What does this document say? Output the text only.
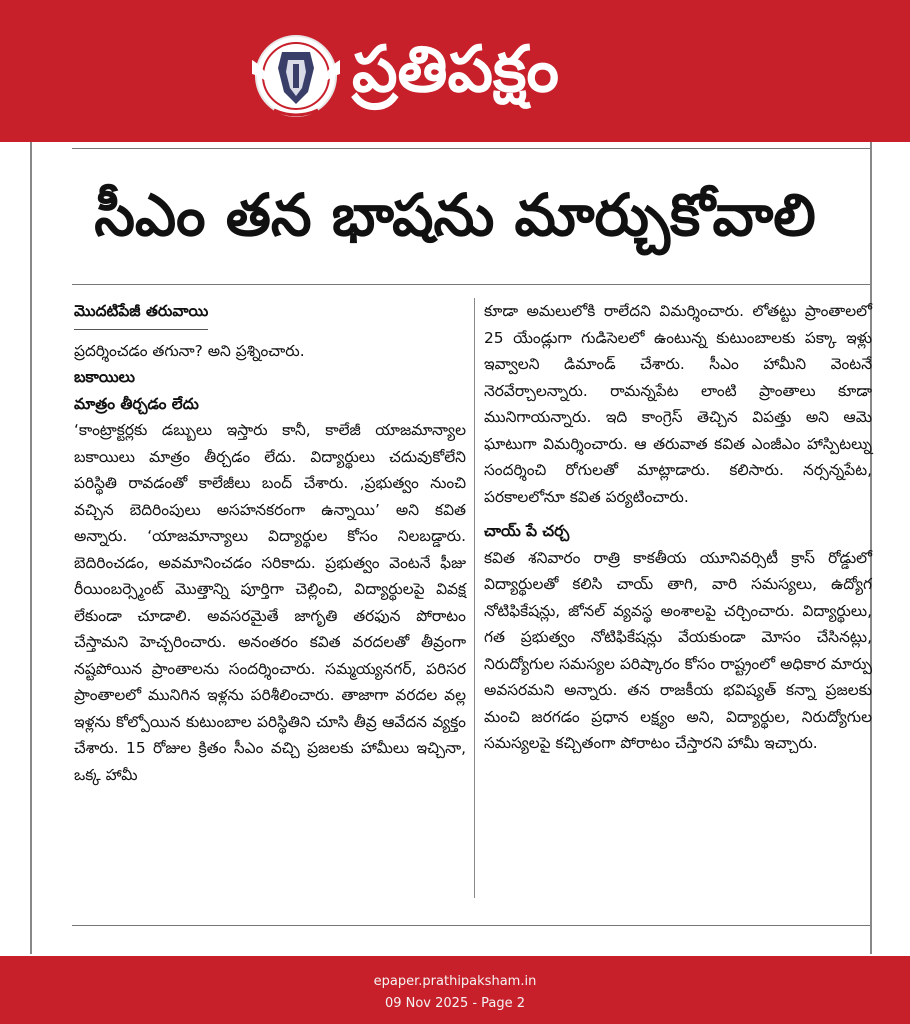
ప్రతిపక్షం
సీఎం తన భాషను మార్చుకోవాలి
మొదటిపేజీ తరువాయి

ప్రదర్శించడం తగునా? అని ప్రశ్నించారు.

బకాయిలు

మాత్రం తీర్చడం లేదు

‘కాంట్రాక్టర్లకు డబ్బులు ఇస్తారు కానీ, కాలేజీ యాజమాన్యాల బకాయిలు మాత్రం తీర్చడం లేదు. విద్యార్థులు చదువుకోలేని పరిస్థితి రావడంతో కాలేజీలు బంద్ చేశారు. ,ప్రభుత్వం నుంచి వచ్చిన బెదిరింపులు అసహనకరంగా ఉన్నాయి’ అని కవిత అన్నారు. ‘యాజమాన్యాలు విద్యార్థుల కోసం నిలబడ్డారు. బెదిరించడం, అవమానించడం సరికాదు. ప్రభుత్వం వెంటనే ఫీజు రీయింబర్స్మెంట్ మొత్తాన్ని పూర్తిగా చెల్లించి, విద్యార్థులపై వివక్ష లేకుండా చూడాలి. అవసరమైతే జాగృతి తరఫున పోరాటం చేస్తామని హెచ్చరించారు. అనంతరం కవిత వరదలతో తీవ్రంగా నష్టపోయిన ప్రాంతాలను సందర్శించారు. సమ్మయ్యనగర్, పరిసర ప్రాంతాలలో మునిగిన ఇళ్లను పరిశీలించారు. తాజాగా వరదల వల్ల ఇళ్లను కోల్పోయిన కుటుంబాల పరిస్థితిని చూసి తీవ్ర ఆవేదన వ్యక్తం చేశారు. 15 రోజుల క్రితం సీఎం వచ్చి ప్రజలకు హామీలు ఇచ్చినా, ఒక్క హామీ

కూడా అమలులోకి రాలేదని విమర్శించారు. లోతట్టు ప్రాంతాలలో 25 యేండ్లుగా గుడిసెలలో ఉంటున్న కుటుంబాలకు పక్కా ఇళ్లు ఇవ్వాలని డిమాండ్ చేశారు. సీఎం హామీని వెంటనే నెరవేర్చాలన్నారు. రామన్నపేట లాంటి ప్రాంతాలు కూడా మునిగాయన్నారు. ఇది కాంగ్రెస్ తెచ్చిన విపత్తు అని ఆమె ఘాటుగా విమర్శించారు. ఆ తరువాత కవిత ఎంజీఎం హాస్పిటల్ను సందర్శించి రోగులతో మాట్లాడారు. కలిసారు. నర్సన్నపేట, పరకాలలోనూ కవిత పర్యటించారు.

చాయ్ పే చర్చ

కవిత శనివారం రాత్రి కాకతీయ యూనివర్సిటీ క్రాస్ రోడ్డులో విద్యార్థులతో కలిసి చాయ్ తాగి, వారి సమస్యలు, ఉద్యోగ నోటిఫికేషన్లు, జోనల్ వ్యవస్థ అంశాలపై చర్చించారు. విద్యార్థులు, గత ప్రభుత్వం నోటిఫికేషన్లు వేయకుండా మోసం చేసినట్లు, నిరుద్యోగుల సమస్యల పరిష్కారం కోసం రాష్ట్రంలో అధికార మార్పు అవసరమని అన్నారు. తన రాజకీయ భవిష్యత్ కన్నా ప్రజలకు మంచి జరగడం ప్రధాన లక్ష్యం అని, విద్యార్థుల, నిరుద్యోగుల సమస్యలపై కచ్చితంగా పోరాటం చేస్తారని హామీ ఇచ్చారు.

epaper.prathipaksham.in
09 Nov 2025 - Page 2
